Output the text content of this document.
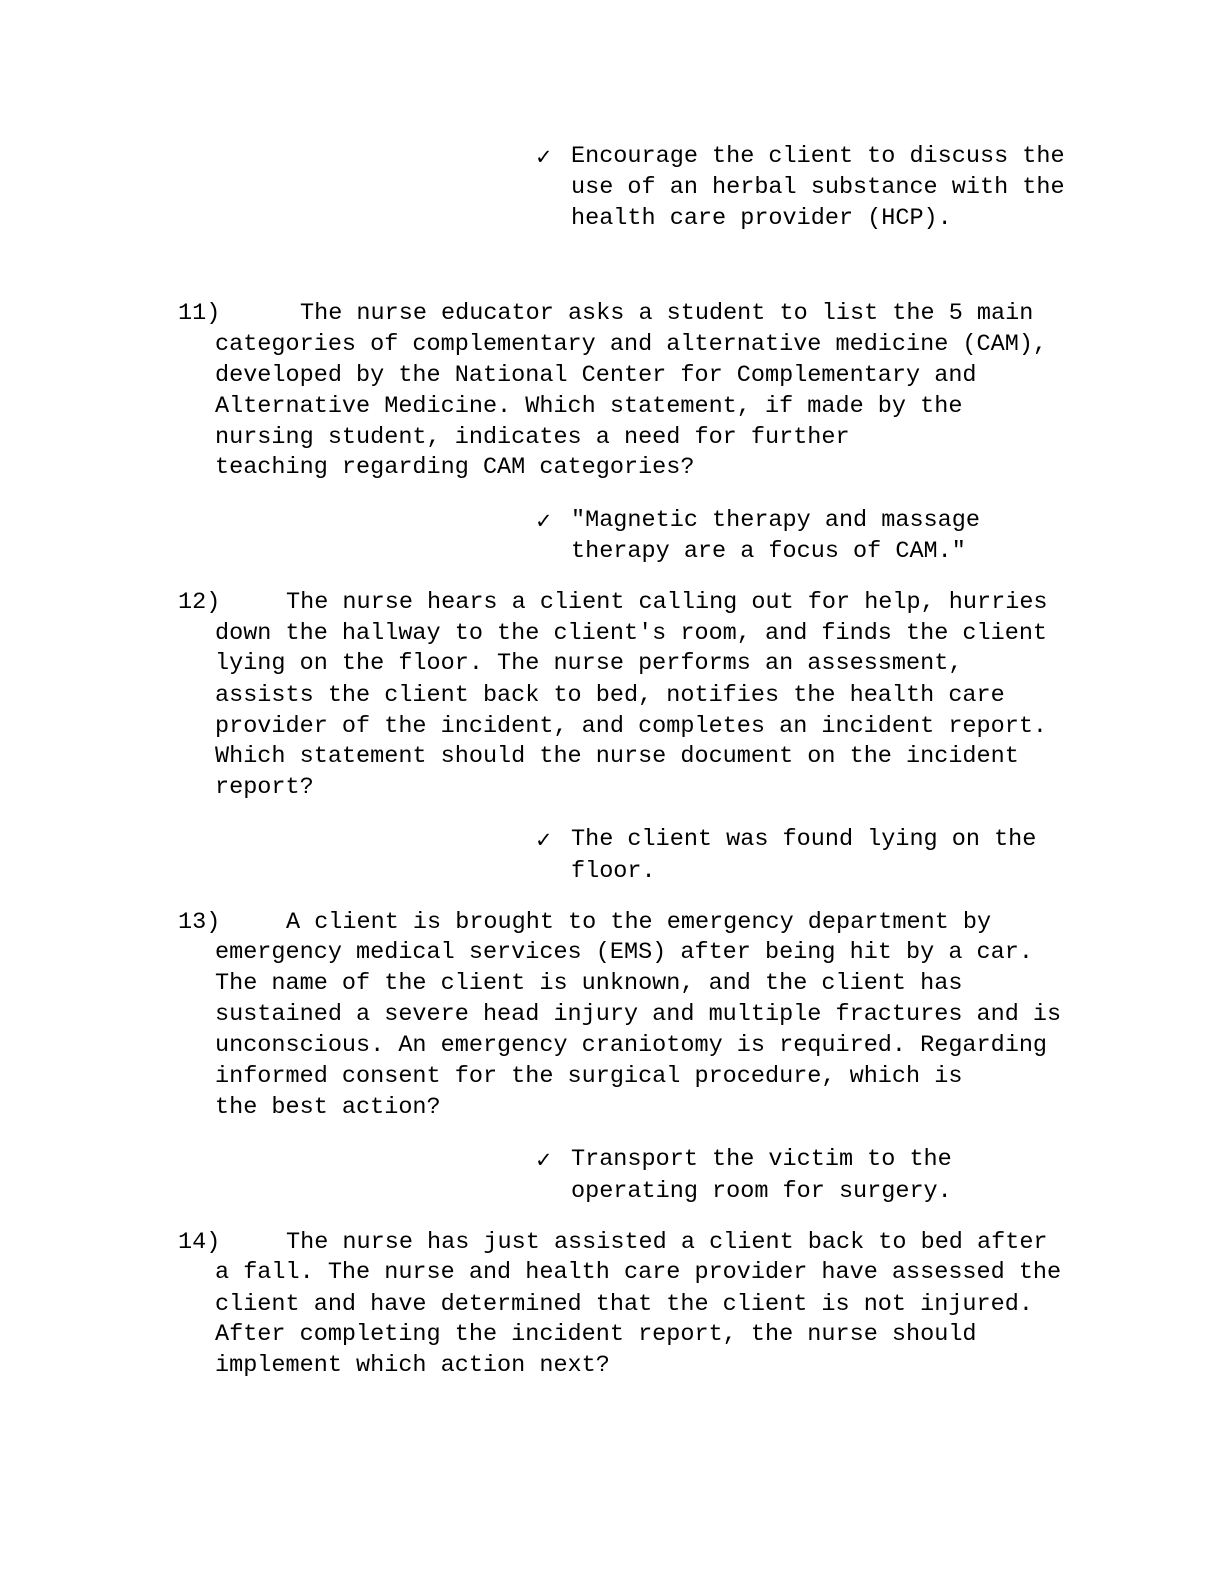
✓ Encourage the client to discuss the
use of an herbal substance with the
health care provider (HCP).
11)	The nurse educator asks a student to list the 5 main
categories of complementary and alternative medicine (CAM),
developed by the National Center for Complementary and
Alternative Medicine. Which statement, if made by the
nursing student, indicates a need for further
teaching regarding CAM categories?
✓ "Magnetic therapy and massage
therapy are a focus of CAM."
12)	The nurse hears a client calling out for help, hurries
down the hallway to the client's room, and finds the client
lying on the floor. The nurse performs an assessment,
assists the client back to bed, notifies the health care
provider of the incident, and completes an incident report.
Which statement should the nurse document on the incident
report?
✓ The client was found lying on the
floor.
13)	A client is brought to the emergency department by
emergency medical services (EMS) after being hit by a car.
The name of the client is unknown, and the client has
sustained a severe head injury and multiple fractures and is
unconscious. An emergency craniotomy is required. Regarding
informed consent for the surgical procedure, which is
the best action?
✓ Transport the victim to the
operating room for surgery.
14)	The nurse has just assisted a client back to bed after
a fall. The nurse and health care provider have assessed the
client and have determined that the client is not injured.
After completing the incident report, the nurse should
implement which action next?
